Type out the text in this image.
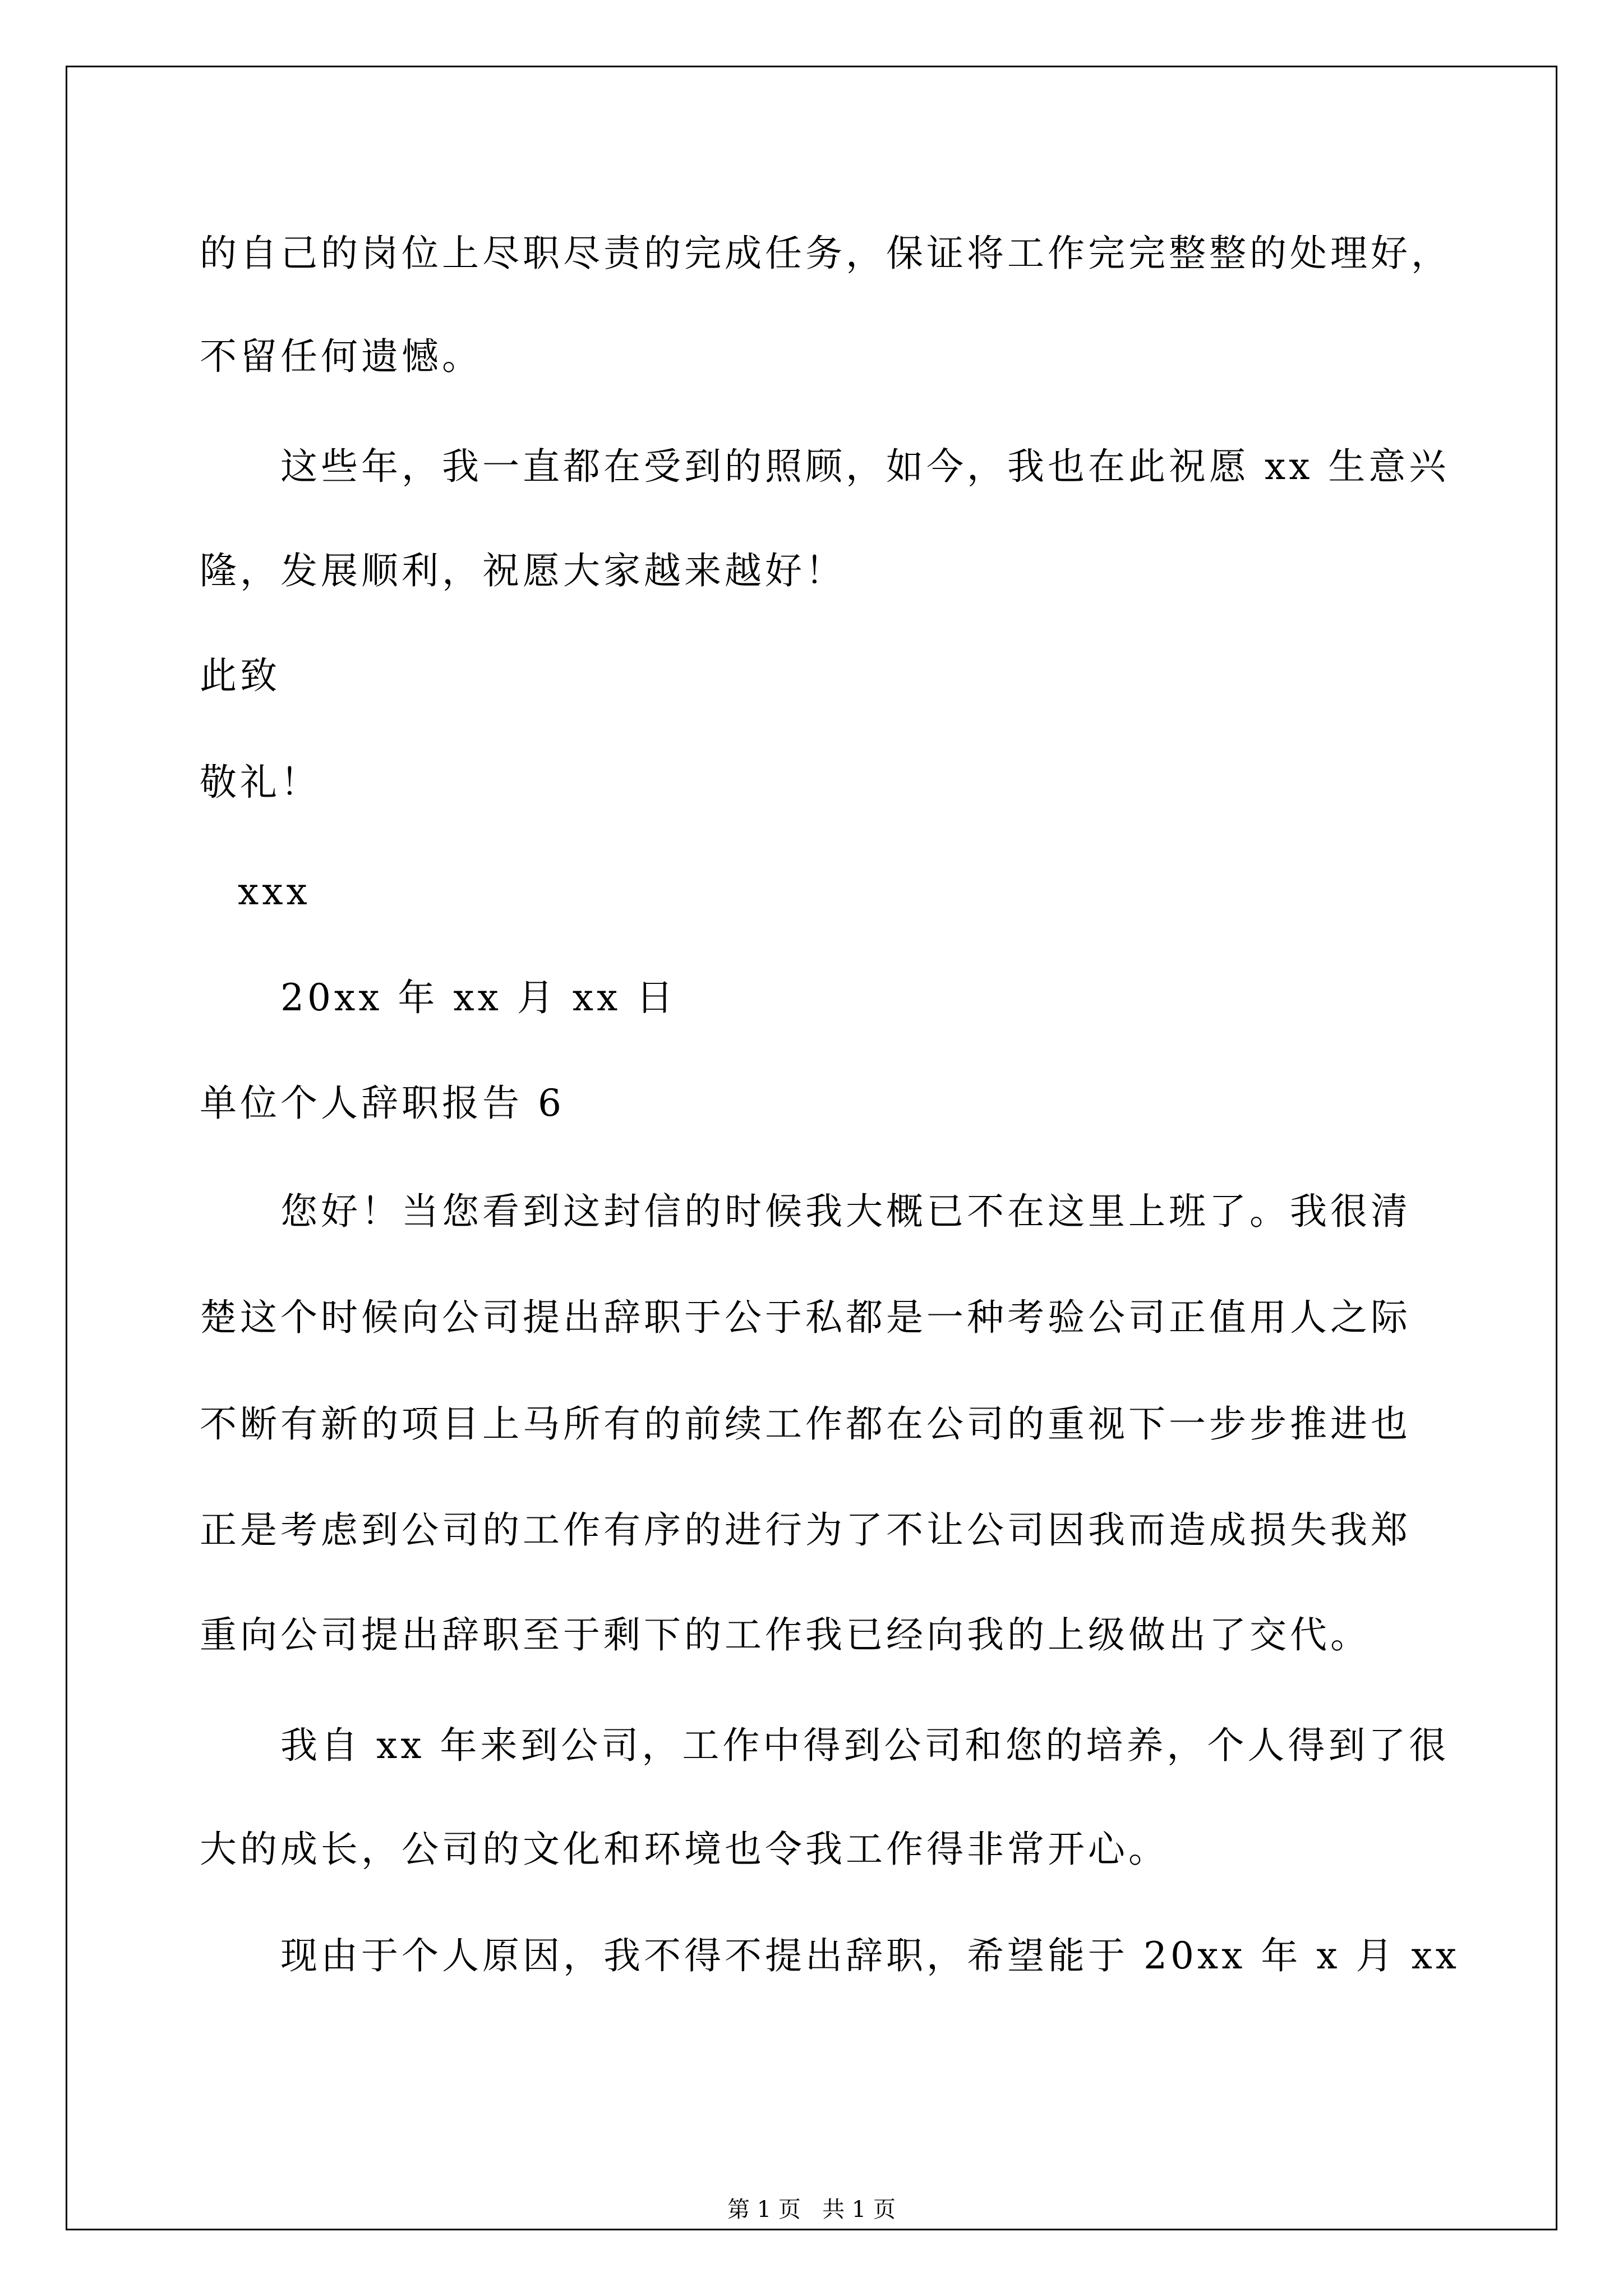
的自己的岗位上尽职尽责的完成任务，保证将工作完完整整的处理好，
不留任何遗憾。
这些年，我一直都在受到的照顾，如今，我也在此祝愿 xx 生意兴
隆，发展顺利，祝愿大家越来越好！
此致
敬礼！
xxx
20xx 年 xx 月 xx 日
单位个人辞职报告 6
您好！当您看到这封信的时候我大概已不在这里上班了。我很清
楚这个时候向公司提出辞职于公于私都是一种考验公司正值用人之际
不断有新的项目上马所有的前续工作都在公司的重视下一步步推进也
正是考虑到公司的工作有序的进行为了不让公司因我而造成损失我郑
重向公司提出辞职至于剩下的工作我已经向我的上级做出了交代。
我自 xx 年来到公司，工作中得到公司和您的培养，个人得到了很
大的成长，公司的文化和环境也令我工作得非常开心。
现由于个人原因，我不得不提出辞职，希望能于 20xx 年 x 月 xx
第 1 页   共 1 页
